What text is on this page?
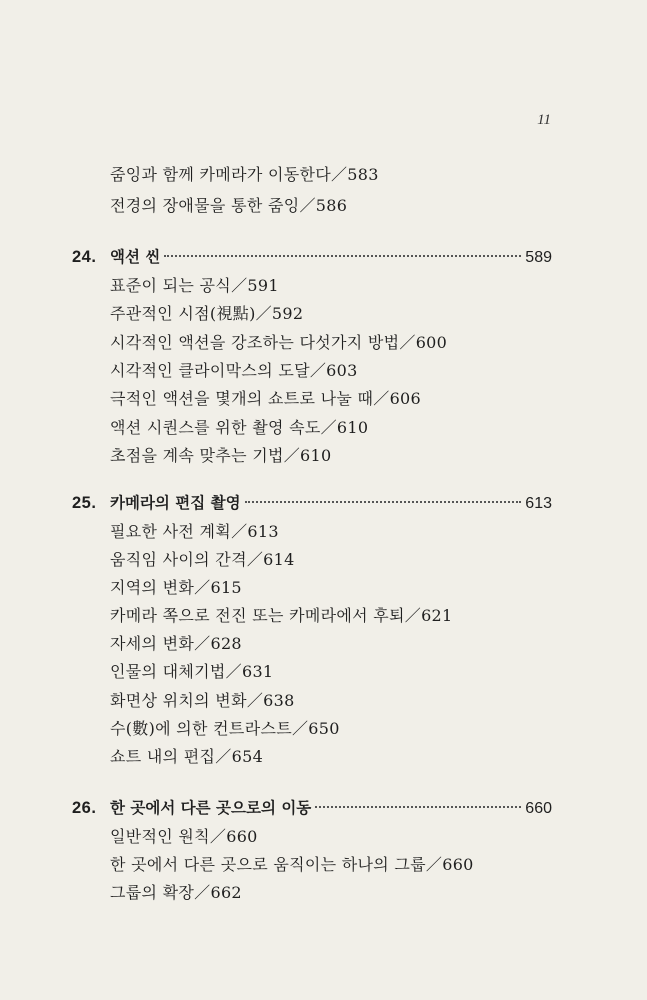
11
줌잉과 함께 카메라가 이동한다／583
전경의 장애물을 통한 줌잉／586
24. 액션 씬	589
표준이 되는 공식／591
주관적인 시점(視點)／592
시각적인 액션을 강조하는 다섯가지 방법／600
시각적인 클라이막스의 도달／603
극적인 액션을 몇개의 쇼트로 나눌 때／606
액션 시퀀스를 위한 촬영 속도／610
초점을 계속 맞추는 기법／610
25. 카메라의 편집 촬영	613
필요한 사전 계획／613
움직임 사이의 간격／614
지역의 변화／615
카메라 쪽으로 전진 또는 카메라에서 후퇴／621
자세의 변화／628
인물의 대체기법／631
화면상 위치의 변화／638
수(數)에 의한 컨트라스트／650
쇼트 내의 편집／654
26. 한 곳에서 다른 곳으로의 이동	660
일반적인 원칙／660
한 곳에서 다른 곳으로 움직이는 하나의 그룹／660
그룹의 확장／662
